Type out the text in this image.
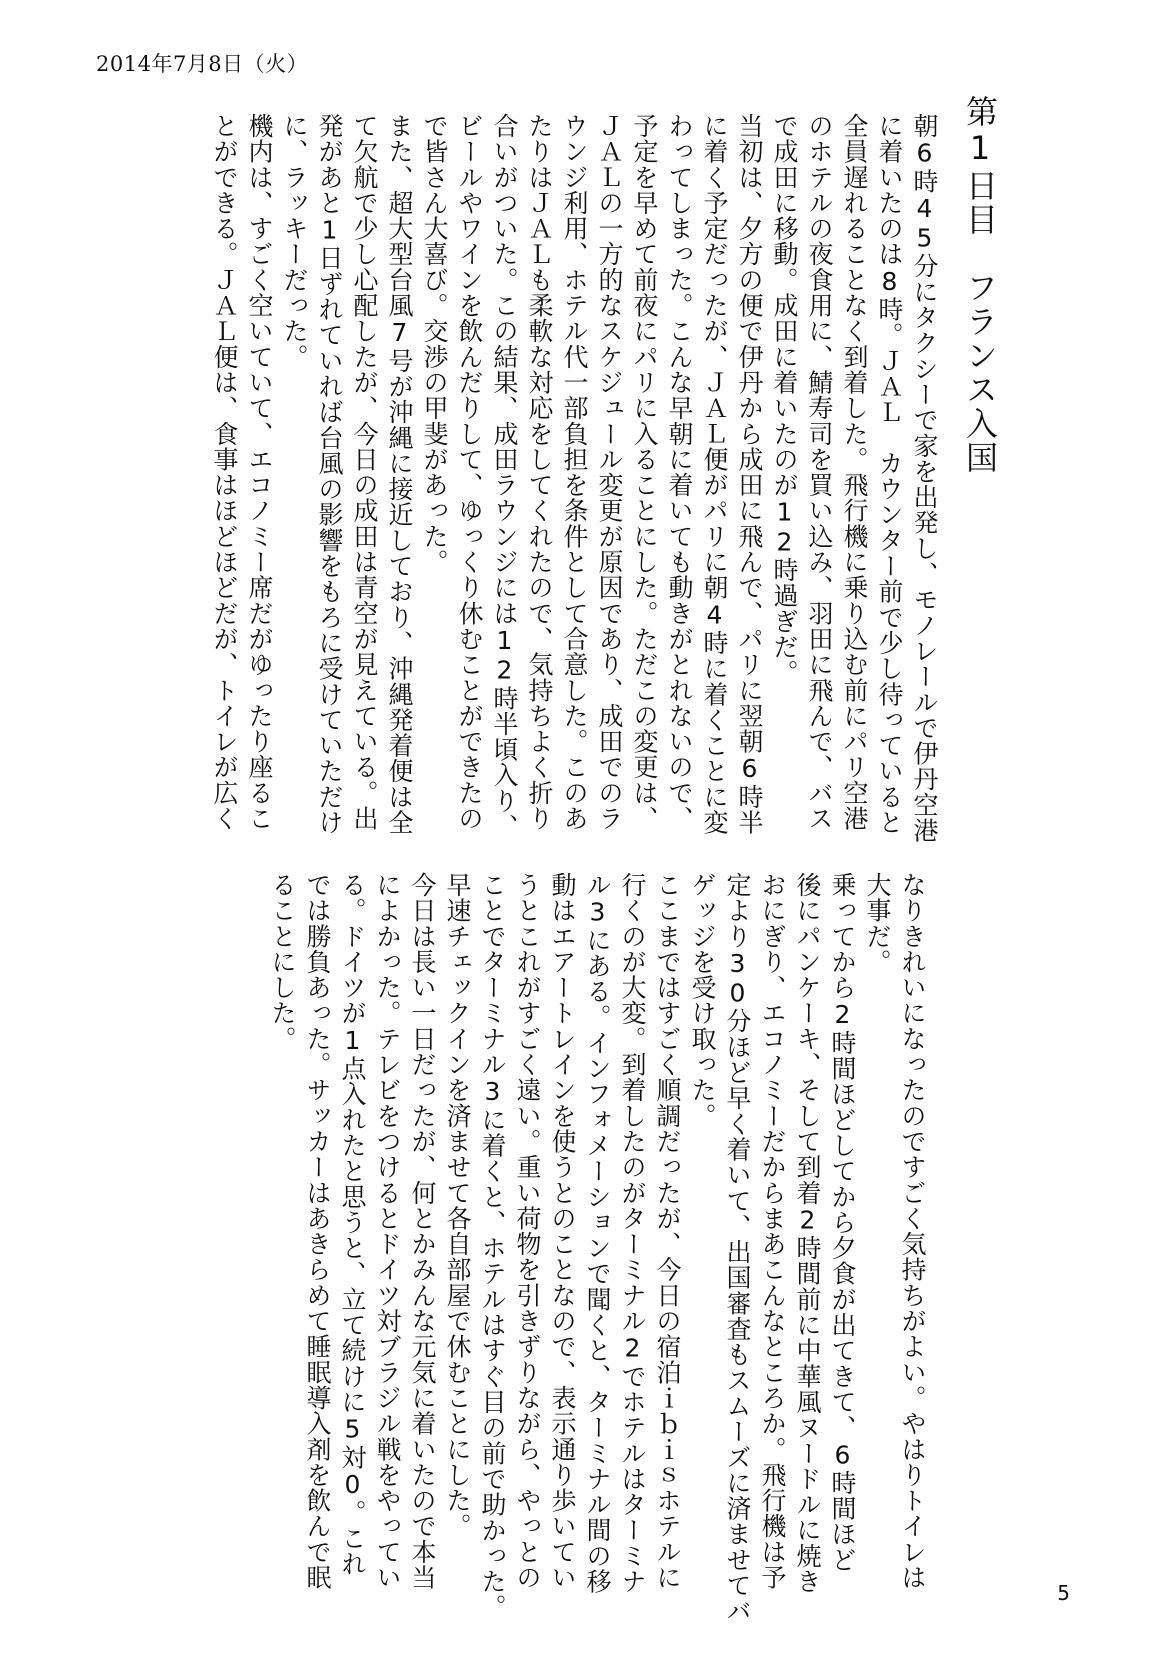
2014年7月8日（火）
第1日目　フランス入国
朝6時45分にタクシーで家を出発し、モノレールで伊丹空港
に着いたのは8時。ＪＡＬ　カウンター前で少し待っていると
全員遅れることなく到着した。飛行機に乗り込む前にパリ空港
のホテルの夜食用に、鯖寿司を買い込み、羽田に飛んで、バス
で成田に移動。成田に着いたのが12時過ぎだ。
当初は、夕方の便で伊丹から成田に飛んで、パリに翌朝6時半
に着く予定だったが、ＪＡＬ便がパリに朝4時に着くことに変
わってしまった。こんな早朝に着いても動きがとれないので、
予定を早めて前夜にパリに入ることにした。ただこの変更は、
ＪＡＬの一方的なスケジュール変更が原因であり、成田でのラ
ウンジ利用、ホテル代一部負担を条件として合意した。このあ
たりはＪＡＬも柔軟な対応をしてくれたので、気持ちよく折り
合いがついた。この結果、成田ラウンジには12時半頃入り、
ビールやワインを飲んだりして、ゆっくり休むことができたの
で皆さん大喜び。交渉の甲斐があった。
また、超大型台風7号が沖縄に接近しており、沖縄発着便は全
て欠航で少し心配したが、今日の成田は青空が見えている。出
発があと1日ずれていれば台風の影響をもろに受けていただけ
に、ラッキーだった。
機内は、すごく空いていて、エコノミー席だがゆったり座るこ
とができる。ＪＡＬ便は、食事はほどほどだが、トイレが広く
なりきれいになったのですごく気持ちがよい。やはりトイレは
大事だ。
乗ってから2時間ほどしてから夕食が出てきて、6時間ほど
後にパンケーキ、そして到着2時間前に中華風ヌードルに焼き
おにぎり、エコノミーだからまあこんなところか。飛行機は予
定より30分ほど早く着いて、出国審査もスムーズに済ませてバ
ゲッジを受け取った。
ここまではすごく順調だったが、今日の宿泊ｉｂｉｓホテルに
行くのが大変。到着したのがターミナル2でホテルはターミナ
ル3にある。インフォメーションで聞くと、ターミナル間の移
動はエアートレインを使うとのことなので、表示通り歩いてい
うとこれがすごく遠い。重い荷物を引きずりながら、やっとの
ことでターミナル3に着くと、ホテルはすぐ目の前で助かった。
早速チェックインを済ませて各自部屋で休むことにした。
今日は長い一日だったが、何とかみんな元気に着いたので本当
によかった。テレビをつけるとドイツ対ブラジル戦をやってい
る。ドイツが1点入れたと思うと、立て続けに5対0。これ
では勝負あった。サッカーはあきらめて睡眠導入剤を飲んで眠
ることにした。
5
